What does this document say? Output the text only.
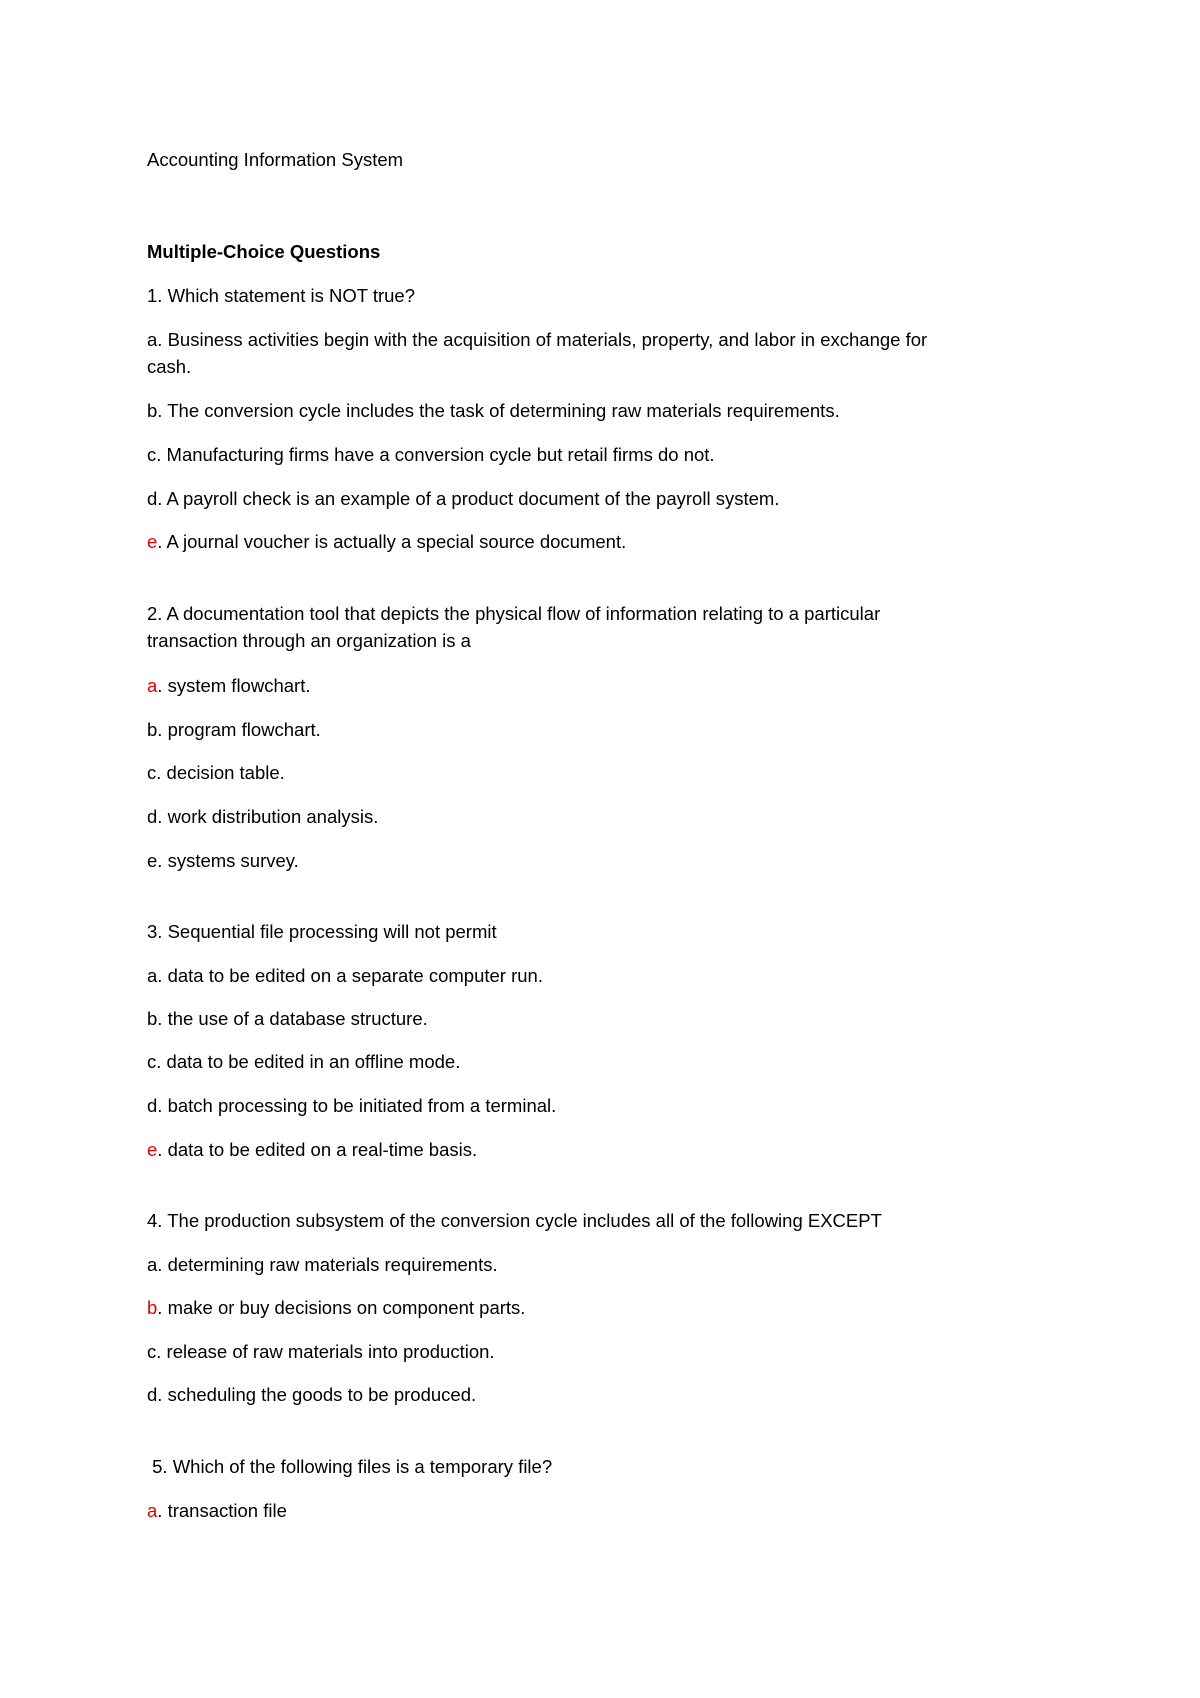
Accounting Information System
Multiple-Choice Questions
1. Which statement is NOT true?
a. Business activities begin with the acquisition of materials, property, and labor in exchange for
cash.
b. The conversion cycle includes the task of determining raw materials requirements.
c. Manufacturing firms have a conversion cycle but retail firms do not.
d. A payroll check is an example of a product document of the payroll system.
e. A journal voucher is actually a special source document.
2. A documentation tool that depicts the physical flow of information relating to a particular
transaction through an organization is a
a. system flowchart.
b. program flowchart.
c. decision table.
d. work distribution analysis.
e. systems survey.
3. Sequential file processing will not permit
a. data to be edited on a separate computer run.
b. the use of a database structure.
c. data to be edited in an offline mode.
d. batch processing to be initiated from a terminal.
e. data to be edited on a real-time basis.
4. The production subsystem of the conversion cycle includes all of the following EXCEPT
a. determining raw materials requirements.
b. make or buy decisions on component parts.
c. release of raw materials into production.
d. scheduling the goods to be produced.
5. Which of the following files is a temporary file?
a. transaction file
